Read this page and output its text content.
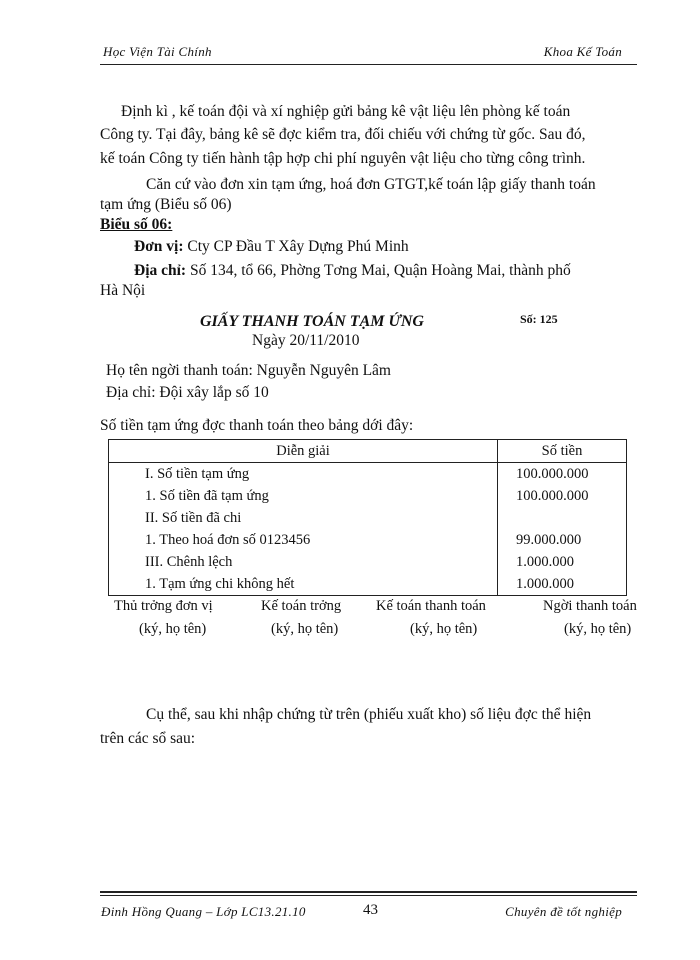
Học Viện Tài Chính	Khoa Kế Toán
Định kì , kế toán đội và xí nghiệp gửi bảng kê vật liệu lên phòng kế toán
Công ty. Tại đây, bảng kê sẽ đợc kiểm tra, đối chiếu với chứng từ gốc. Sau đó,
kế toán Công ty tiến hành tập hợp chi phí nguyên vật liệu cho từng công trình.
Căn cứ vào đơn xin tạm ứng, hoá đơn GTGT,kế toán lập giấy thanh toán
tạm ứng (Biểu số 06)
Biểu số 06:
Đơn vị: Cty CP Đầu T Xây Dựng Phú Minh
Địa chỉ: Số 134, tổ 66, Phờng Tơng Mai, Quận Hoàng Mai, thành phố
Hà Nội
GIẤY THANH TOÁN TẠM ỨNG	Số: 125
Ngày 20/11/2010
Họ tên ngời thanh toán: Nguyễn Nguyên Lâm
Địa chỉ: Đội xây lắp số 10
Số tiền tạm ứng đợc thanh toán theo bảng dới đây:
Diễn giải	Số tiền
I. Số tiền tạm ứng	100.000.000
1. Số tiền đã tạm ứng	100.000.000
II. Số tiền đã chi	
1. Theo hoá đơn số 0123456	99.000.000
III. Chênh lệch	1.000.000
1. Tạm ứng chi không hết	1.000.000
Thủ trởng đơn vị
(ký, họ tên)
Kế toán trởng
(ký, họ tên)
Kế toán thanh toán
(ký, họ tên)
Ngời thanh toán
(ký, họ tên)
Cụ thể, sau khi nhập chứng từ trên (phiếu xuất kho) số liệu đợc thể hiện
trên các sổ sau:
Đinh Hồng Quang – Lớp LC13.21.10	43	Chuyên đề tốt nghiệp
